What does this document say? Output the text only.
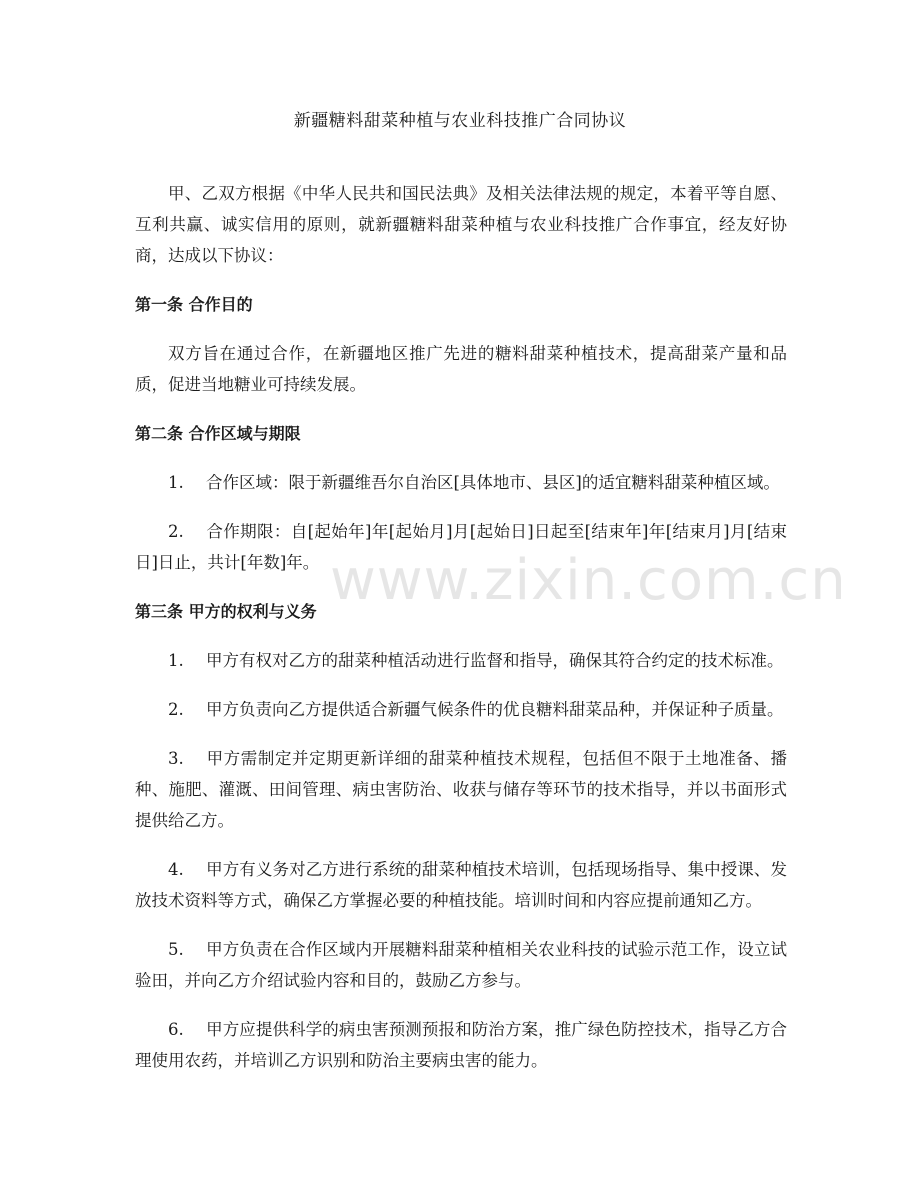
新疆糖料甜菜种植与农业科技推广合同协议

甲、乙双方根据《中华人民共和国民法典》及相关法律法规的规定，本着平等自愿、互利共赢、诚实信用的原则，就新疆糖料甜菜种植与农业科技推广合作事宜，经友好协商，达成以下协议：

第一条 合作目的

双方旨在通过合作，在新疆地区推广先进的糖料甜菜种植技术，提高甜菜产量和品质，促进当地糖业可持续发展。

第二条 合作区域与期限

1. 合作区域：限于新疆维吾尔自治区[具体地市、县区]的适宜糖料甜菜种植区域。

2. 合作期限：自[起始年]年[起始月]月[起始日]日起至[结束年]年[结束月]月[结束日]日止，共计[年数]年。

第三条 甲方的权利与义务

1. 甲方有权对乙方的甜菜种植活动进行监督和指导，确保其符合约定的技术标准。

2. 甲方负责向乙方提供适合新疆气候条件的优良糖料甜菜品种，并保证种子质量。

3. 甲方需制定并定期更新详细的甜菜种植技术规程，包括但不限于土地准备、播种、施肥、灌溉、田间管理、病虫害防治、收获与储存等环节的技术指导，并以书面形式提供给乙方。

4. 甲方有义务对乙方进行系统的甜菜种植技术培训，包括现场指导、集中授课、发放技术资料等方式，确保乙方掌握必要的种植技能。培训时间和内容应提前通知乙方。

5. 甲方负责在合作区域内开展糖料甜菜种植相关农业科技的试验示范工作，设立试验田，并向乙方介绍试验内容和目的，鼓励乙方参与。

6. 甲方应提供科学的病虫害预测预报和防治方案，推广绿色防控技术，指导乙方合理使用农药，并培训乙方识别和防治主要病虫害的能力。

www.zixin.com.cn
